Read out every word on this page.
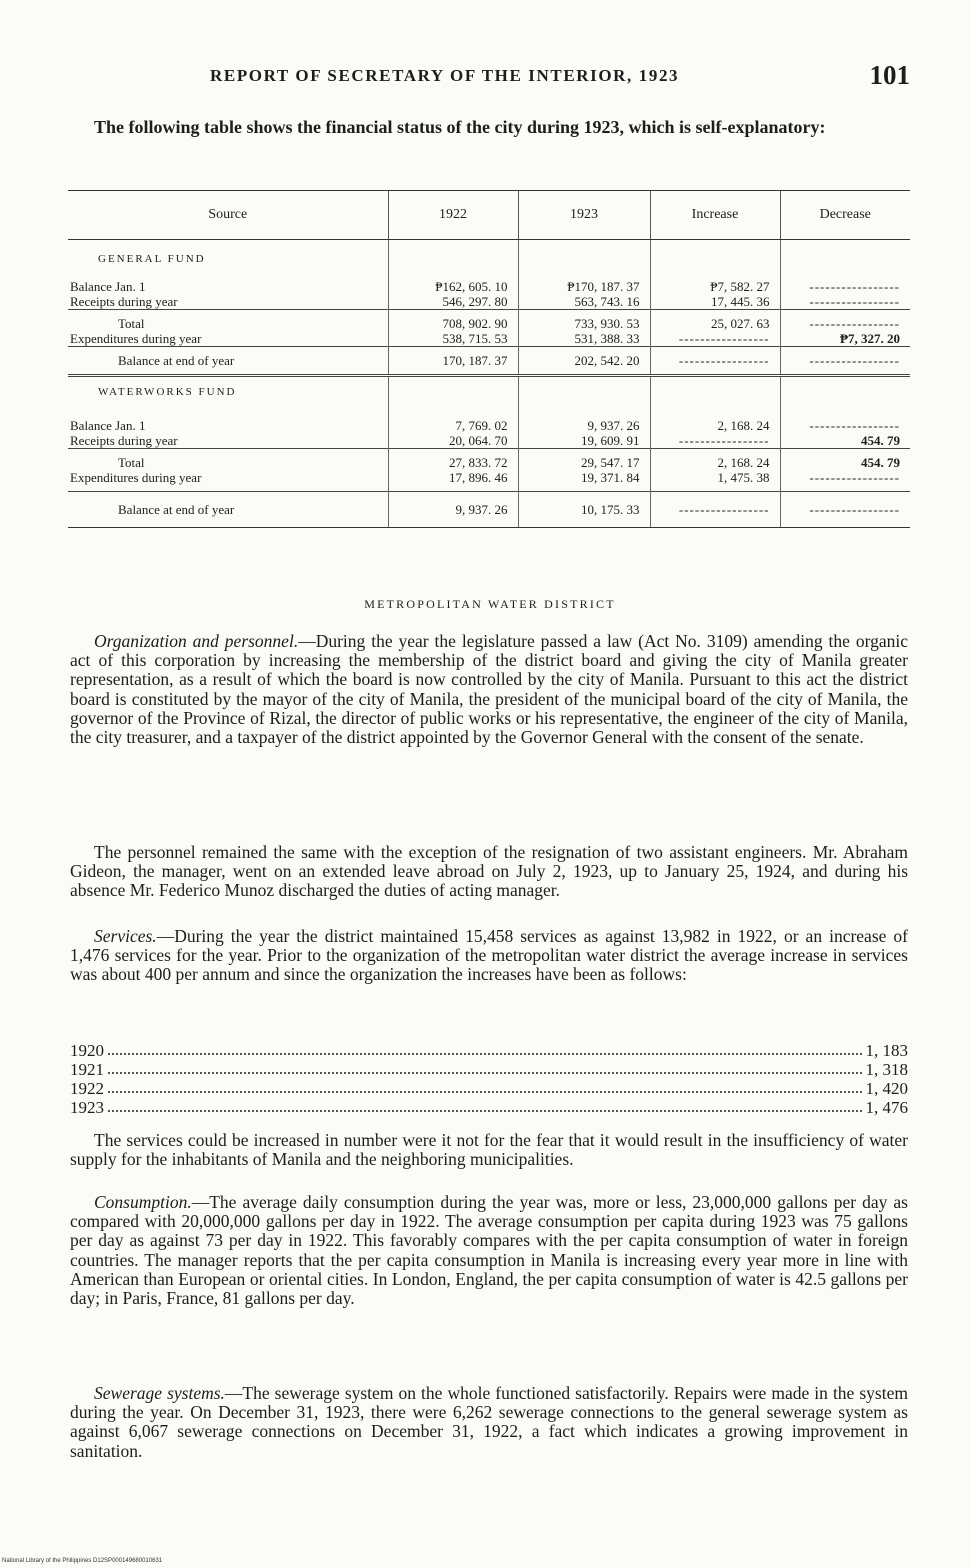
REPORT OF SECRETARY OF THE INTERIOR, 1923	101
The following table shows the financial status of the city during 1923, which is self-explanatory:
Source	1922	1923	Increase	Decrease

GENERAL FUND				

Balance Jan. 1	₱162, 605. 10	₱170, 187. 37	₱7, 582. 27	-----------------
Receipts during year	546, 297. 80	563, 743. 16	17, 445. 36	-----------------
Total	708, 902. 90	733, 930. 53	25, 027. 63	-----------------
Expenditures during year	538, 715. 53	531, 388. 33	-----------------	₱7, 327. 20
Balance at end of year	170, 187. 37	202, 542. 20	-----------------	-----------------
WATERWORKS FUND				
Balance Jan. 1	7, 769. 02	9, 937. 26	2, 168. 24	-----------------
Receipts during year	20, 064. 70	19, 609. 91	-----------------	454. 79
Total	27, 833. 72	29, 547. 17	2, 168. 24	454. 79
Expenditures during year	17, 896. 46	19, 371. 84	1, 475. 38	-----------------
Balance at end of year	9, 937. 26	10, 175. 33	-----------------	-----------------
METROPOLITAN WATER DISTRICT
Organization and personnel.—During the year the legislature passed a law (Act No. 3109) amending the organic act of this corporation by increasing the membership of the district board and giving the city of Manila greater representation, as a result of which the board is now controlled by the city of Manila. Pursuant to this act the district board is constituted by the mayor of the city of Manila, the president of the municipal board of the city of Manila, the governor of the Province of Rizal, the director of public works or his representative, the engineer of the city of Manila, the city treasurer, and a taxpayer of the district appointed by the Governor General with the consent of the senate.
The personnel remained the same with the exception of the resignation of two assistant engineers. Mr. Abraham Gideon, the manager, went on an extended leave abroad on July 2, 1923, up to January 25, 1924, and during his absence Mr. Federico Munoz discharged the duties of acting manager.
Services.—During the year the district maintained 15,458 services as against 13,982 in 1922, or an increase of 1,476 services for the year. Prior to the organization of the metropolitan water district the average increase in services was about 400 per annum and since the organization the increases have been as follows:
1920	1, 183
1921	1, 318
1922	1, 420
1923	1, 476
The services could be increased in number were it not for the fear that it would result in the insufficiency of water supply for the inhabitants of Manila and the neighboring municipalities.
Consumption.—The average daily consumption during the year was, more or less, 23,000,000 gallons per day as compared with 20,000,000 gallons per day in 1922. The average consumption per capita during 1923 was 75 gallons per day as against 73 per day in 1922. This favorably compares with the per capita consumption of water in foreign countries. The manager reports that the per capita consumption in Manila is increasing every year more in line with American than European or oriental cities. In London, England, the per capita consumption of water is 42.5 gallons per day; in Paris, France, 81 gallons per day.
Sewerage systems.—The sewerage system on the whole functioned satisfactorily. Repairs were made in the system during the year. On December 31, 1923, there were 6,262 sewerage connections to the general sewerage system as against 6,067 sewerage connections on December 31, 1922, a fact which indicates a growing improvement in sanitation.
National Library of the Philippines D12SP000149680010631
